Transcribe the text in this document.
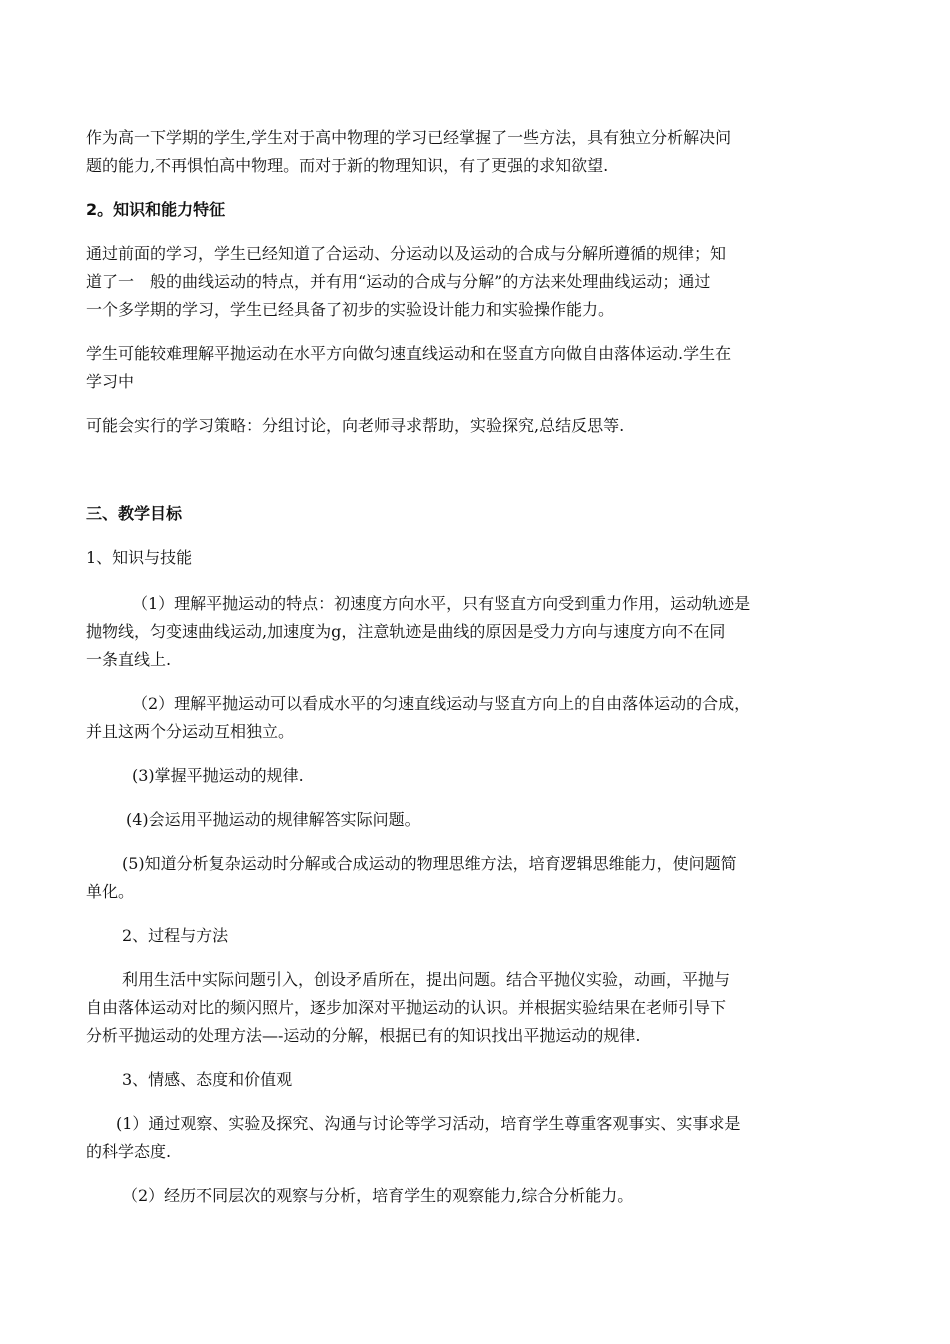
作为高一下学期的学生,学生对于高中物理的学习已经掌握了一些方法，具有独立分析解决问
题的能力,不再惧怕高中物理。而对于新的物理知识，有了更强的求知欲望.
2。知识和能力特征
通过前面的学习，学生已经知道了合运动、分运动以及运动的合成与分解所遵循的规律；知
道了一　般的曲线运动的特点，并有用“运动的合成与分解”的方法来处理曲线运动；通过
一个多学期的学习，学生已经具备了初步的实验设计能力和实验操作能力。
学生可能较难理解平抛运动在水平方向做匀速直线运动和在竖直方向做自由落体运动.学生在
学习中
可能会实行的学习策略：分组讨论，向老师寻求帮助，实验探究,总结反思等.
三、教学目标
1、知识与技能
（1）理解平抛运动的特点：初速度方向水平，只有竖直方向受到重力作用，运动轨迹是
抛物线，匀变速曲线运动,加速度为g，注意轨迹是曲线的原因是受力方向与速度方向不在同
一条直线上.
（2）理解平抛运动可以看成水平的匀速直线运动与竖直方向上的自由落体运动的合成，
并且这两个分运动互相独立。
(3)掌握平抛运动的规律.
(4)会运用平抛运动的规律解答实际问题。
(5)知道分析复杂运动时分解或合成运动的物理思维方法，培育逻辑思维能力，使问题简
单化。
2、过程与方法
利用生活中实际问题引入，创设矛盾所在，提出问题。结合平抛仪实验，动画，平抛与
自由落体运动对比的频闪照片，逐步加深对平抛运动的认识。并根据实验结果在老师引导下
分析平抛运动的处理方法—-运动的分解，根据已有的知识找出平抛运动的规律.
3、情感、态度和价值观
(1）通过观察、实验及探究、沟通与讨论等学习活动，培育学生尊重客观事实、实事求是
的科学态度.
（2）经历不同层次的观察与分析，培育学生的观察能力,综合分析能力。
